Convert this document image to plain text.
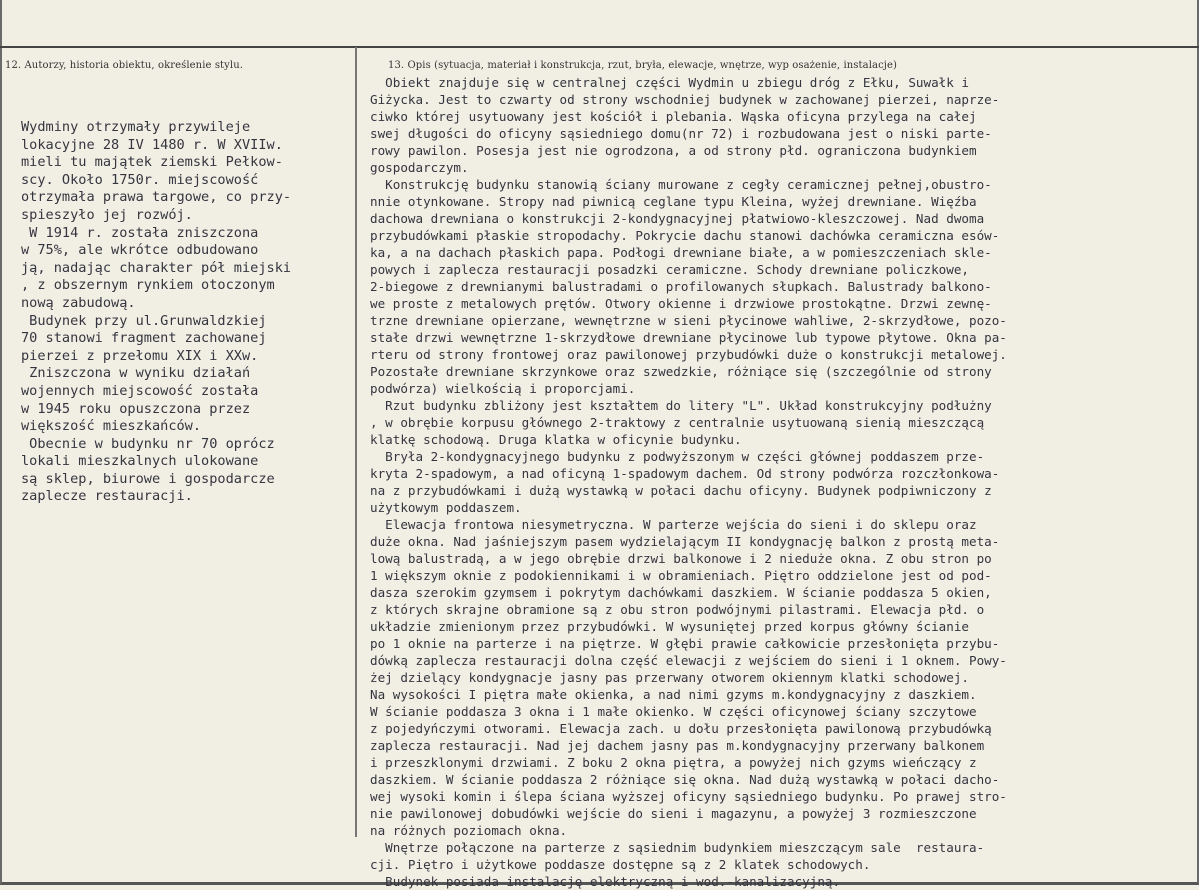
12. Autorzy, historia obiektu, określenie stylu.	13. Opis (sytuacja, materiał i konstrukcja, rzut, bryła, elewacje, wnętrze, wyp osażenie, instalacje)
Wydminy otrzymały przywileje
lokacyjne 28 IV 1480 r. W XVIIw.
mieli tu majątek ziemski Pełkow-
scy. Około 1750r. miejscowość
otrzymała prawa targowe, co przy-
spieszyło jej rozwój.
W 1914 r. została zniszczona
w 75%, ale wkrótce odbudowano
ją, nadając charakter pół miejski
, z obszernym rynkiem otoczonym
nową zabudową.
Budynek przy ul.Grunwaldzkiej
70 stanowi fragment zachowanej
pierzei z przełomu XIX i XXw.
Zniszczona w wyniku działań
wojennych miejscowość została
w 1945 roku opuszczona przez
większość mieszkańców.
Obecnie w budynku nr 70 oprócz
lokali mieszkalnych ulokowane
są sklep, biurowe i gospodarcze
zaplecze restauracji.
Obiekt znajduje się w centralnej części Wydmin u zbiegu dróg z Ełku, Suwałk i
Giżycka. Jest to czwarty od strony wschodniej budynek w zachowanej pierzei, naprze-
ciwko której usytuowany jest kościół i plebania. Wąska oficyna przylega na całej
swej długości do oficyny sąsiedniego domu(nr 72) i rozbudowana jest o niski parte-
rowy pawilon. Posesja jest nie ogrodzona, a od strony płd. ograniczona budynkiem
gospodarczym.
Konstrukcję budynku stanowią ściany murowane z cegły ceramicznej pełnej,obustro-
nnie otynkowane. Stropy nad piwnicą ceglane typu Kleina, wyżej drewniane. Więźba
dachowa drewniana o konstrukcji 2-kondygnacyjnej płatwiowo-kleszczowej. Nad dwoma
przybudówkami płaskie stropodachy. Pokrycie dachu stanowi dachówka ceramiczna esów-
ka, a na dachach płaskich papa. Podłogi drewniane białe, a w pomieszczeniach skle-
powych i zaplecza restauracji posadzki ceramiczne. Schody drewniane policzkowe,
2-biegowe z drewnianymi balustradami o profilowanych słupkach. Balustrady balkono-
we proste z metalowych prętów. Otwory okienne i drzwiowe prostokątne. Drzwi zewnę-
trzne drewniane opierzane, wewnętrzne w sieni płycinowe wahliwe, 2-skrzydłowe, pozo-
stałe drzwi wewnętrzne 1-skrzydłowe drewniane płycinowe lub typowe płytowe. Okna pa-
rteru od strony frontowej oraz pawilonowej przybudówki duże o konstrukcji metalowej.
Pozostałe drewniane skrzynkowe oraz szwedzkie, różniące się (szczególnie od strony
podwórza) wielkością i proporcjami.
Rzut budynku zbliżony jest kształtem do litery "L". Układ konstrukcyjny podłużny
, w obrębie korpusu głównego 2-traktowy z centralnie usytuowaną sienią mieszczącą
klatkę schodową. Druga klatka w oficynie budynku.
Bryła 2-kondygnacyjnego budynku z podwyższonym w części głównej poddaszem prze-
kryta 2-spadowym, a nad oficyną 1-spadowym dachem. Od strony podwórza rozczłonkowa-
na z przybudówkami i dużą wystawką w połaci dachu oficyny. Budynek podpiwniczony z
użytkowym poddaszem.
Elewacja frontowa niesymetryczna. W parterze wejścia do sieni i do sklepu oraz
duże okna. Nad jaśniejszym pasem wydzielającym II kondygnację balkon z prostą meta-
lową balustradą, a w jego obrębie drzwi balkonowe i 2 nieduże okna. Z obu stron po
1 większym oknie z podokiennikami i w obramieniach. Piętro oddzielone jest od pod-
dasza szerokim gzymsem i pokrytym dachówkami daszkiem. W ścianie poddasza 5 okien,
z których skrajne obramione są z obu stron podwójnymi pilastrami. Elewacja płd. o
układzie zmienionym przez przybudówki. W wysuniętej przed korpus główny ścianie
po 1 oknie na parterze i na piętrze. W głębi prawie całkowicie przesłonięta przybu-
dówką zaplecza restauracji dolna część elewacji z wejściem do sieni i 1 oknem. Powy-
żej dzielący kondygnacje jasny pas przerwany otworem okiennym klatki schodowej.
Na wysokości I piętra małe okienka, a nad nimi gzyms m.kondygnacyjny z daszkiem.
W ścianie poddasza 3 okna i 1 małe okienko. W części oficynowej ściany szczytowe
z pojedyńczymi otworami. Elewacja zach. u dołu przesłonięta pawilonową przybudówką
zaplecza restauracji. Nad jej dachem jasny pas m.kondygnacyjny przerwany balkonem
i przeszklonymi drzwiami. Z boku 2 okna piętra, a powyżej nich gzyms wieńczący z
daszkiem. W ścianie poddasza 2 różniące się okna. Nad dużą wystawką w połaci dacho-
wej wysoki komin i ślepa ściana wyższej oficyny sąsiedniego budynku. Po prawej stro-
nie pawilonowej dobudówki wejście do sieni i magazynu, a powyżej 3 rozmieszczone
na różnych poziomach okna.
Wnętrze połączone na parterze z sąsiednim budynkiem mieszczącym sale  restaura-
cji. Piętro i użytkowe poddasze dostępne są z 2 klatek schodowych.
Budynek posiada instalację elektryczną i wod.-kanalizacyjną.
